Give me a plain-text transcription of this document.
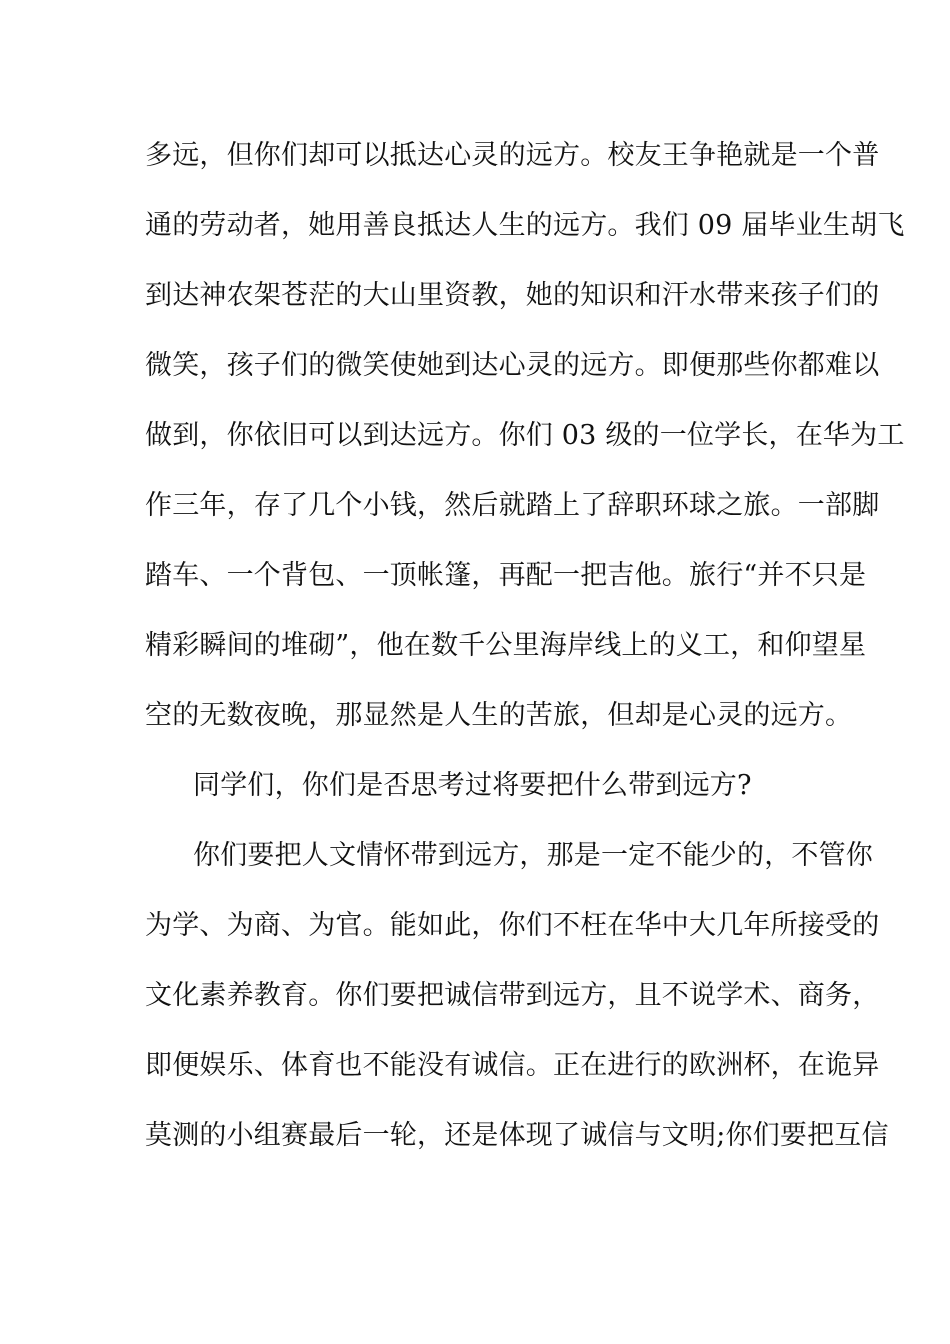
多远，但你们却可以抵达心灵的远方。校友王争艳就是一个普
通的劳动者，她用善良抵达人生的远方。我们 09 届毕业生胡飞
到达神农架苍茫的大山里资教，她的知识和汗水带来孩子们的
微笑，孩子们的微笑使她到达心灵的远方。即便那些你都难以
做到，你依旧可以到达远方。你们 03 级的一位学长，在华为工
作三年，存了几个小钱，然后就踏上了辞职环球之旅。一部脚
踏车、一个背包、一顶帐篷，再配一把吉他。旅行“并不只是
精彩瞬间的堆砌”，他在数千公里海岸线上的义工，和仰望星
空的无数夜晚，那显然是人生的苦旅，但却是心灵的远方。
同学们，你们是否思考过将要把什么带到远方?
你们要把人文情怀带到远方，那是一定不能少的，不管你
为学、为商、为官。能如此，你们不枉在华中大几年所接受的
文化素养教育。你们要把诚信带到远方，且不说学术、商务，
即便娱乐、体育也不能没有诚信。正在进行的欧洲杯，在诡异
莫测的小组赛最后一轮，还是体现了诚信与文明;你们要把互信
